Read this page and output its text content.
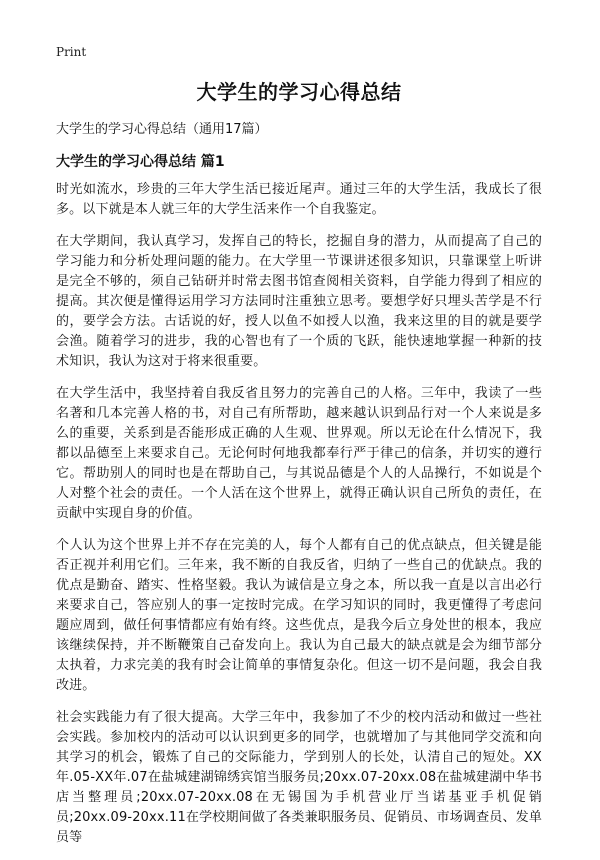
Print
大学生的学习心得总结
大学生的学习心得总结（通用17篇）
大学生的学习心得总结 篇1

时光如流水，珍贵的三年大学生活已接近尾声。通过三年的大学生活，我成长了很多。以下就是本人就三年的大学生活来作一个自我鉴定。

在大学期间，我认真学习，发挥自己的特长，挖掘自身的潜力，从而提高了自己的学习能力和分析处理问题的能力。在大学里一节课讲述很多知识，只靠课堂上听讲是完全不够的，须自己钻研并时常去图书馆查阅相关资料，自学能力得到了相应的提高。其次便是懂得运用学习方法同时注重独立思考。要想学好只埋头苦学是不行的，要学会方法。古话说的好，授人以鱼不如授人以渔，我来这里的目的就是要学会渔。随着学习的进步，我的心智也有了一个质的飞跃，能快速地掌握一种新的技术知识，我认为这对于将来很重要。

在大学生活中，我坚持着自我反省且努力的完善自己的人格。三年中，我读了一些名著和几本完善人格的书，对自己有所帮助，越来越认识到品行对一个人来说是多么的重要，关系到是否能形成正确的人生观、世界观。所以无论在什么情况下，我都以品德至上来要求自己。无论何时何地我都奉行严于律己的信条，并切实的遵行它。帮助别人的同时也是在帮助自己，与其说品德是个人的人品操行，不如说是个人对整个社会的责任。一个人活在这个世界上，就得正确认识自己所负的责任，在贡献中实现自身的价值。

个人认为这个世界上并不存在完美的人，每个人都有自己的优点缺点，但关键是能否正视并利用它们。三年来，我不断的自我反省，归纳了一些自己的优缺点。我的优点是勤奋、踏实、性格坚毅。我认为诚信是立身之本，所以我一直是以言出必行来要求自己，答应别人的事一定按时完成。在学习知识的同时，我更懂得了考虑问题应周到，做任何事情都应有始有终。这些优点，是我今后立身处世的根本，我应该继续保持，并不断鞭策自己奋发向上。我认为自己最大的缺点就是会为细节部分太执着，力求完美的我有时会让简单的事情复杂化。但这一切不是问题，我会自我改进。

社会实践能力有了很大提高。大学三年中，我参加了不少的校内活动和做过一些社会实践。参加校内的活动可以认识到更多的同学，也就增加了与其他同学交流和向其学习的机会，锻炼了自己的交际能力，学到别人的长处，认清自己的短处。XX年.05-XX年.07在盐城建湖锦绣宾馆当服务员;20xx.07-20xx.08在盐城建湖中华书店当整理员;20xx.07-20xx.08在无锡国为手机营业厅当诺基亚手机促销员;20xx.09-20xx.11在学校期间做了各类兼职服务员、促销员、市场调查员、发单员等
